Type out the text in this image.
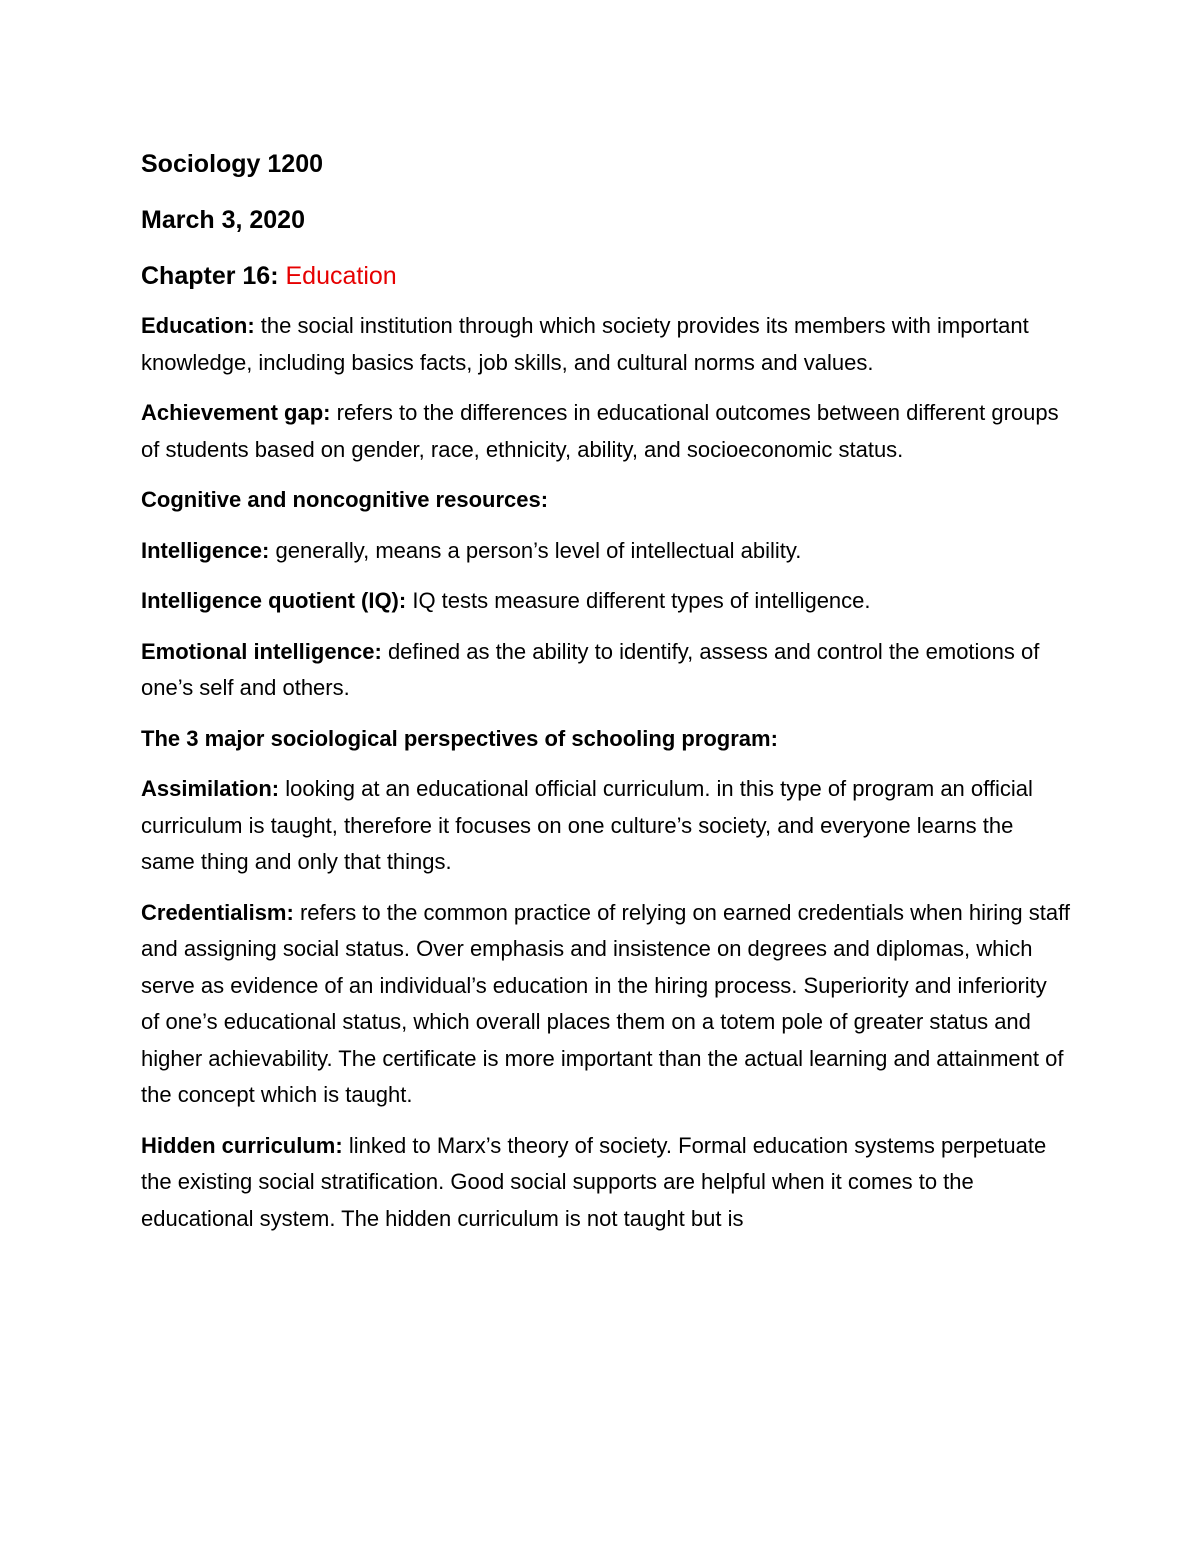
Sociology 1200
March 3, 2020
Chapter 16: Education

Education: the social institution through which society provides its members with important knowledge, including basics facts, job skills, and cultural norms and values.

Achievement gap: refers to the differences in educational outcomes between different groups of students based on gender, race, ethnicity, ability, and socioeconomic status.

Cognitive and noncognitive resources:

Intelligence: generally, means a person’s level of intellectual ability.

Intelligence quotient (IQ): IQ tests measure different types of intelligence.

Emotional intelligence: defined as the ability to identify, assess and control the emotions of one’s self and others.

The 3 major sociological perspectives of schooling program:

Assimilation: looking at an educational official curriculum. in this type of program an official curriculum is taught, therefore it focuses on one culture’s society, and everyone learns the same thing and only that things.

Credentialism: refers to the common practice of relying on earned credentials when hiring staff and assigning social status. Over emphasis and insistence on degrees and diplomas, which serve as evidence of an individual’s education in the hiring process. Superiority and inferiority of one’s educational status, which overall places them on a totem pole of greater status and higher achievability. The certificate is more important than the actual learning and attainment of the concept which is taught.

Hidden curriculum: linked to Marx’s theory of society. Formal education systems perpetuate the existing social stratification. Good social supports are helpful when it comes to the educational system. The hidden curriculum is not taught but is
